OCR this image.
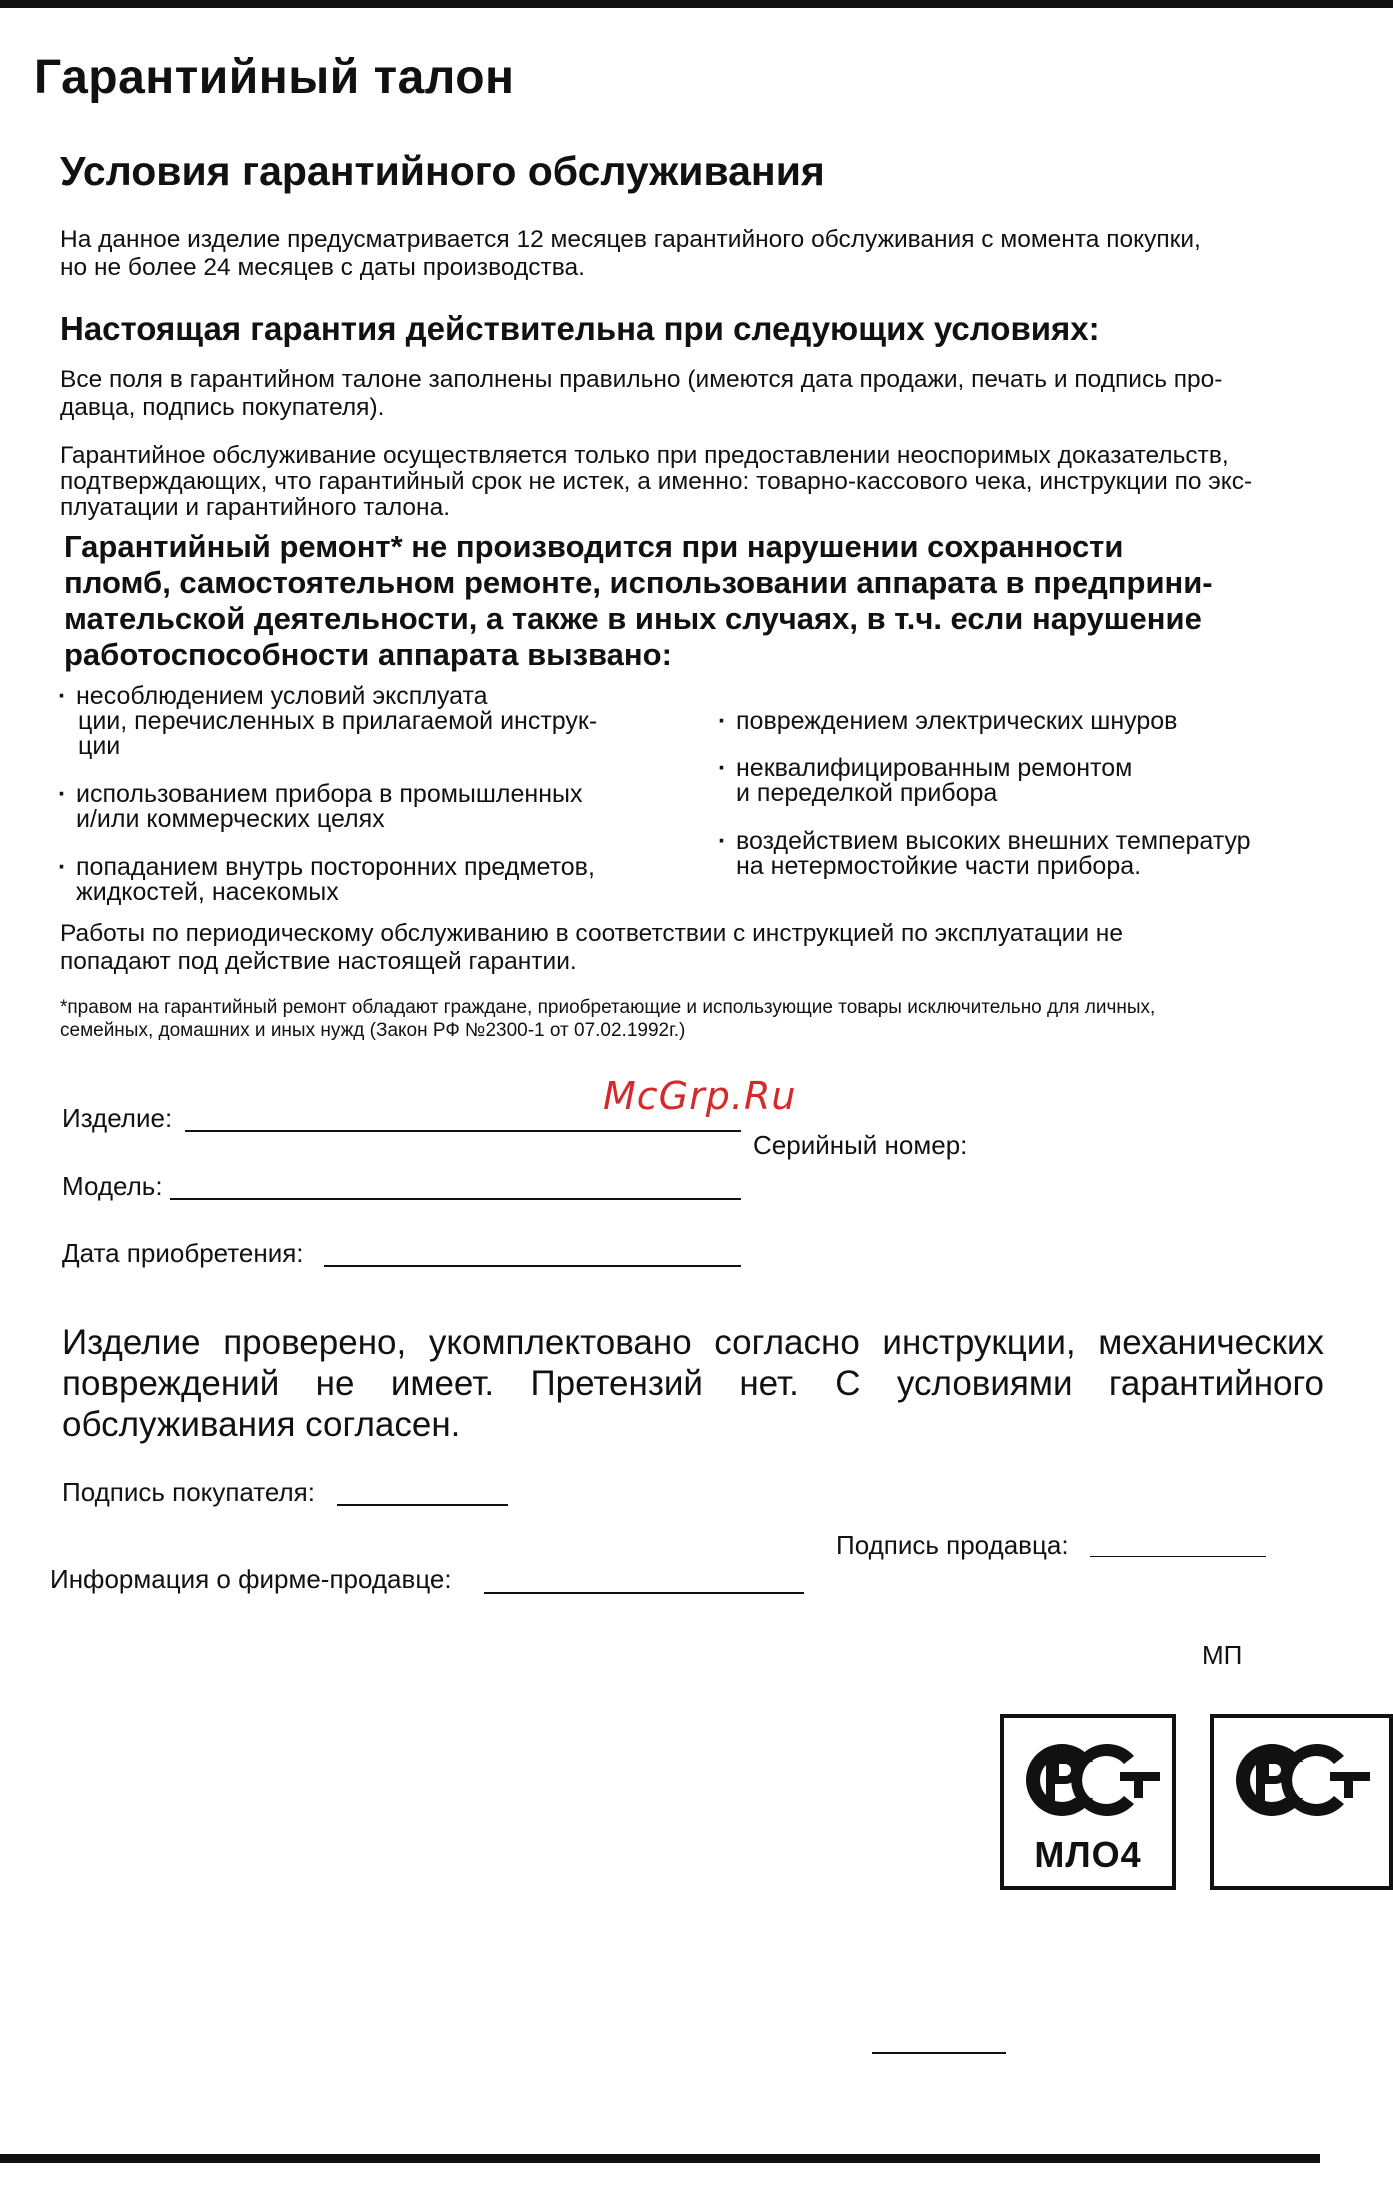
Гарантийный талон
Условия гарантийного обслуживания
На данное изделие предусматривается 12 месяцев гарантийного обслуживания с момента покупки,
но не более 24 месяцев с даты производства.
Настоящая гарантия действительна при следующих условиях:
Все поля в гарантийном талоне заполнены правильно (имеются дата продажи, печать и подпись про-
давца, подпись покупателя).
Гарантийное обслуживание осуществляется только при предоставлении неоспоримых доказательств,
подтверждающих, что гарантийный срок не истек, а именно: товарно-кассового чека, инструкции по экс-
плуатации и гарантийного талона.
Гарантийный ремонт* не производится при нарушении сохранности
пломб, самостоятельном ремонте, использовании аппарата в предприни-
мательской деятельности, а также в иных случаях, в т.ч. если нарушение
работоспособности аппарата вызвано:
· несоблюдением условий эксплуата
ции, перечисленных в прилагаемой инструк-
ции
· использованием прибора в промышленных
и/или коммерческих целях
· попаданием внутрь посторонних предметов,
жидкостей, насекомых
· повреждением электрических шнуров
· неквалифицированным ремонтом
и переделкой прибора
· воздействием высоких внешних температур
на нетермостойкие части прибора.
Работы по периодическому обслуживанию в соответствии с инструкцией по эксплуатации не
попадают под действие настоящей гарантии.
*правом на гарантийный ремонт обладают граждане, приобретающие и использующие товары исключительно для личных,
семейных, домашних и иных нужд (Закон РФ №2300-1 от 07.02.1992г.)
McGrp.Ru
Изделие:
Серийный номер:
Модель:
Дата приобретения:
Изделие проверено, укомплектовано согласно инструкции, механических повреждений не имеет. Претензий нет. С условиями гарантийного обслуживания согласен.
Подпись покупателя:
Подпись продавца:
Информация о фирме-продавце:
МП
МЛО4
